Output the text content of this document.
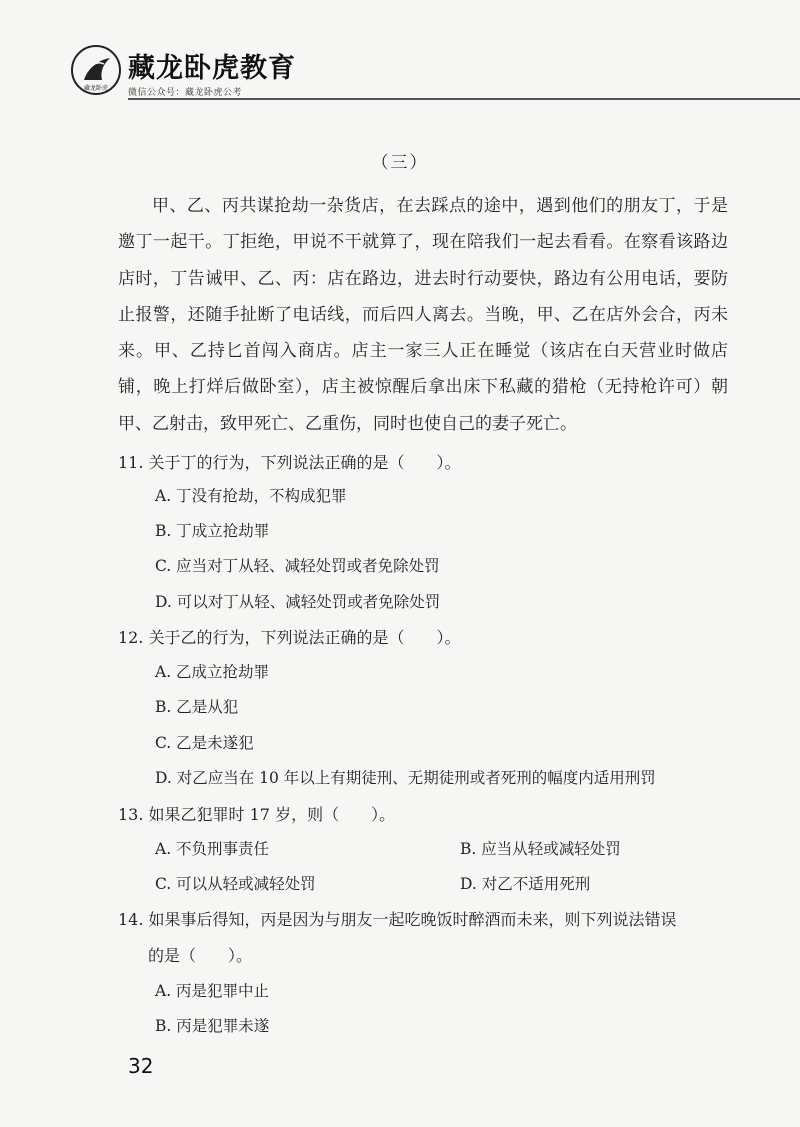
藏龙卧虎
藏龙卧虎教育
微信公众号：藏龙卧虎公考
（三）
甲、乙、丙共谋抢劫一杂货店，在去踩点的途中，遇到他们的朋友丁，于是邀丁一起干。丁拒绝，甲说不干就算了，现在陪我们一起去看看。在察看该路边店时，丁告诫甲、乙、丙：店在路边，进去时行动要快，路边有公用电话，要防止报警，还随手扯断了电话线，而后四人离去。当晚，甲、乙在店外会合，丙未来。甲、乙持匕首闯入商店。店主一家三人正在睡觉（该店在白天营业时做店铺，晚上打烊后做卧室），店主被惊醒后拿出床下私藏的猎枪（无持枪许可）朝甲、乙射击，致甲死亡、乙重伤，同时也使自己的妻子死亡。
11. 关于丁的行为，下列说法正确的是（　　）。
A. 丁没有抢劫，不构成犯罪
B. 丁成立抢劫罪
C. 应当对丁从轻、减轻处罚或者免除处罚
D. 可以对丁从轻、减轻处罚或者免除处罚
12. 关于乙的行为，下列说法正确的是（　　）。
A. 乙成立抢劫罪
B. 乙是从犯
C. 乙是未遂犯
D. 对乙应当在 10 年以上有期徒刑、无期徒刑或者死刑的幅度内适用刑罚
13. 如果乙犯罪时 17 岁，则（　　）。
A. 不负刑事责任	B. 应当从轻或减轻处罚
C. 可以从轻或减轻处罚	D. 对乙不适用死刑
14. 如果事后得知，丙是因为与朋友一起吃晚饭时醉酒而未来，则下列说法错误
的是（　　）。
A. 丙是犯罪中止
B. 丙是犯罪未遂
32
